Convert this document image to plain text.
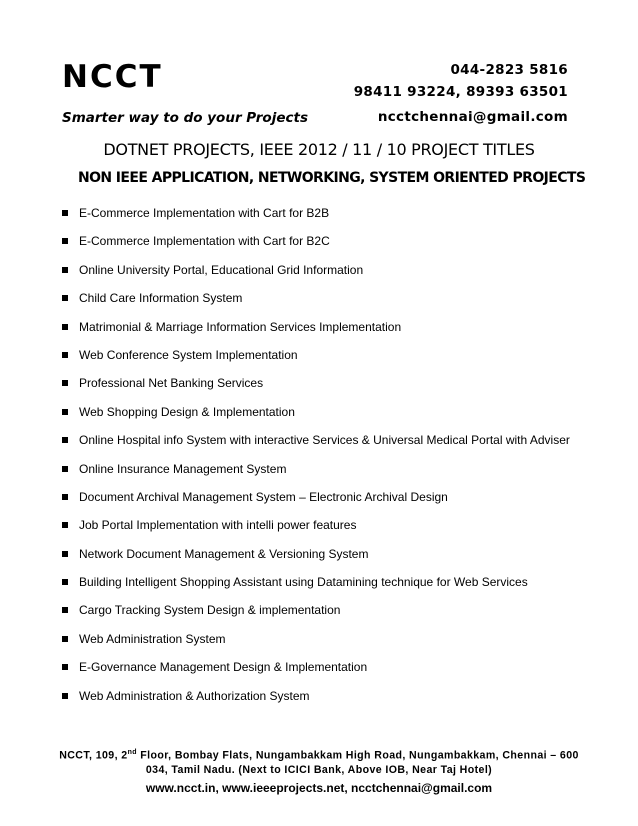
NCCT
Smarter way to do your Projects
044-2823 5816
98411 93224, 89393 63501
ncctchennai@gmail.com
DOTNET PROJECTS, IEEE 2012 / 11 / 10 PROJECT TITLES
NON IEEE APPLICATION, NETWORKING, SYSTEM ORIENTED PROJECTS
E-Commerce Implementation with Cart for B2B
E-Commerce Implementation with Cart for B2C
Online University Portal, Educational Grid Information
Child Care Information System
Matrimonial & Marriage Information Services Implementation
Web Conference System Implementation
Professional Net Banking Services
Web Shopping Design & Implementation
Online Hospital info System with interactive Services & Universal Medical Portal with Adviser
Online Insurance Management System
Document Archival Management System – Electronic Archival Design
Job Portal Implementation with intelli power features
Network Document Management & Versioning System
Building Intelligent Shopping Assistant using Datamining technique for Web Services
Cargo Tracking System Design & implementation
Web Administration System
E-Governance Management Design & Implementation
Web Administration & Authorization System
NCCT, 109, 2nd Floor, Bombay Flats, Nungambakkam High Road, Nungambakkam, Chennai – 600 034, Tamil Nadu. (Next to ICICI Bank, Above IOB, Near Taj Hotel)
www.ncct.in, www.ieeeprojects.net, ncctchennai@gmail.com
